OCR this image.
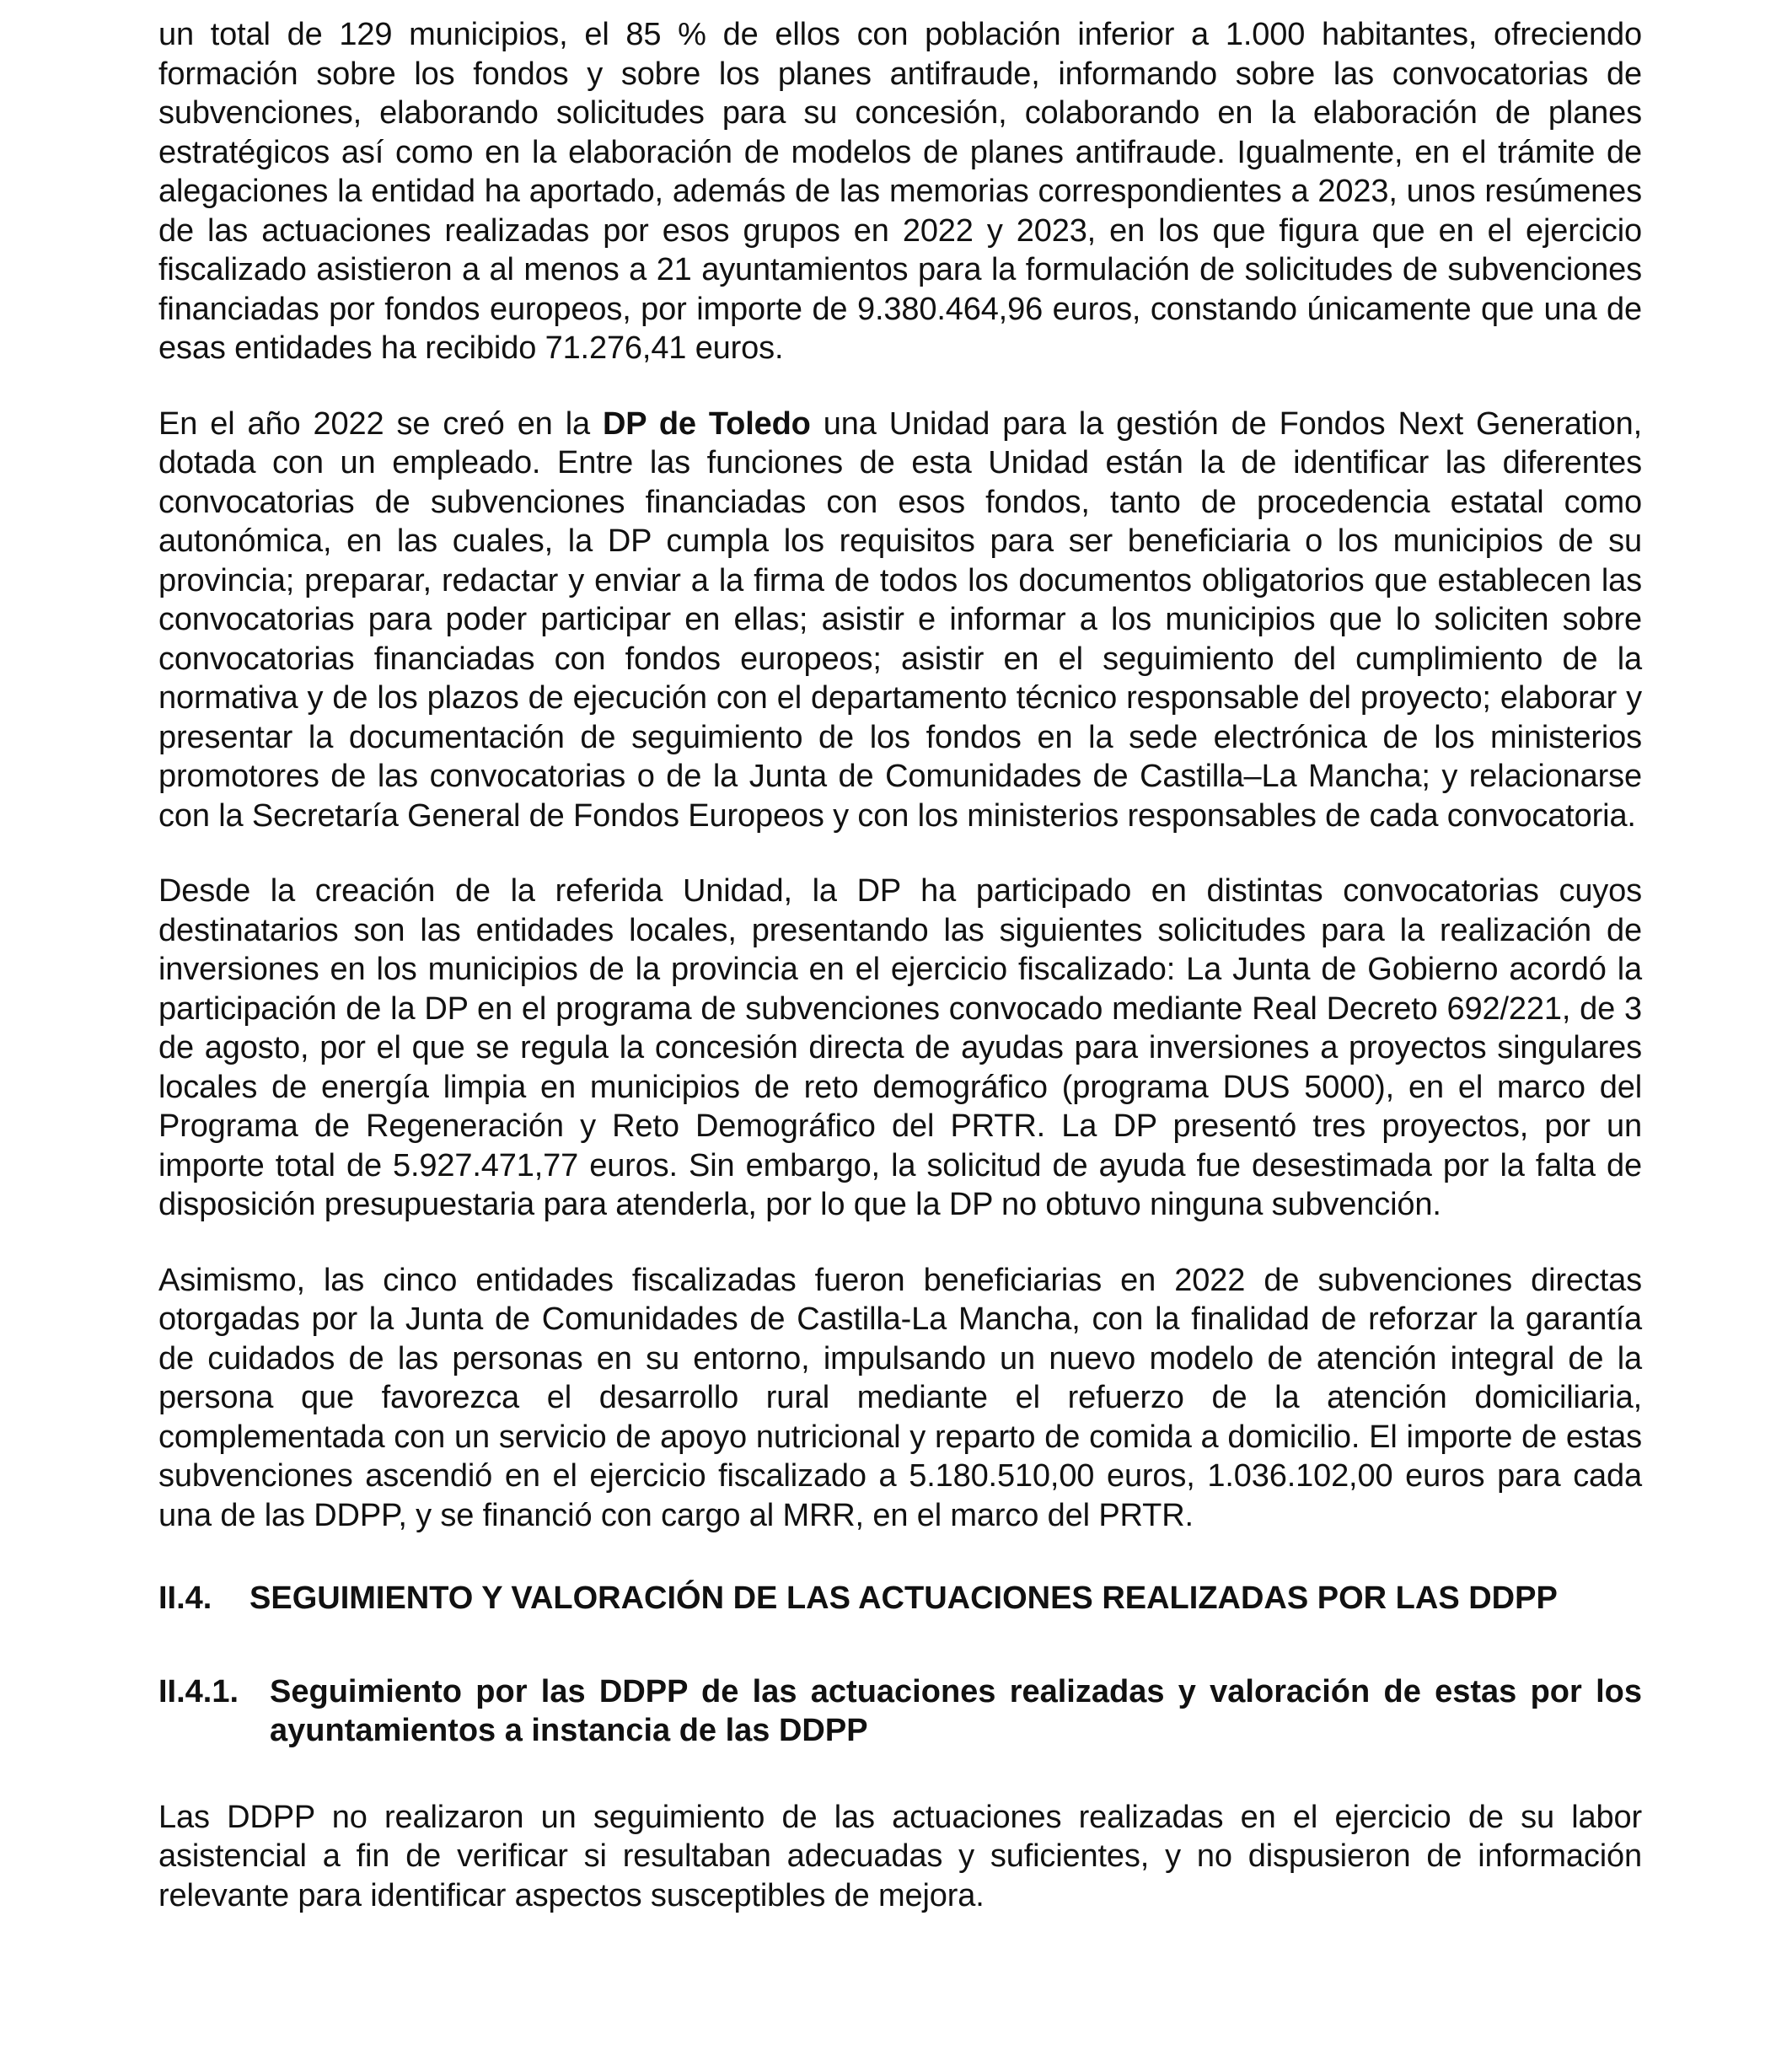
un total de 129 municipios, el 85 % de ellos con población inferior a 1.000 habitantes, ofreciendo formación sobre los fondos y sobre los planes antifraude, informando sobre las convocatorias de subvenciones, elaborando solicitudes para su concesión, colaborando en la elaboración de planes estratégicos así como en la elaboración de modelos de planes antifraude. Igualmente, en el trámite de alegaciones la entidad ha aportado, además de las memorias correspondientes a 2023, unos resúmenes de las actuaciones realizadas por esos grupos en 2022 y 2023, en los que figura que en el ejercicio fiscalizado asistieron a al menos a 21 ayuntamientos para la formulación de solicitudes de subvenciones financiadas por fondos europeos, por importe de 9.380.464,96 euros, constando únicamente que una de esas entidades ha recibido 71.276,41 euros.

En el año 2022 se creó en la DP de Toledo una Unidad para la gestión de Fondos Next Generation, dotada con un empleado. Entre las funciones de esta Unidad están la de identificar las diferentes convocatorias de subvenciones financiadas con esos fondos, tanto de procedencia estatal como autonómica, en las cuales, la DP cumpla los requisitos para ser beneficiaria o los municipios de su provincia; preparar, redactar y enviar a la firma de todos los documentos obligatorios que establecen las convocatorias para poder participar en ellas; asistir e informar a los municipios que lo soliciten sobre convocatorias financiadas con fondos europeos; asistir en el seguimiento del cumplimiento de la normativa y de los plazos de ejecución con el departamento técnico responsable del proyecto; elaborar y presentar la documentación de seguimiento de los fondos en la sede electrónica de los ministerios promotores de las convocatorias o de la Junta de Comunidades de Castilla–La Mancha; y relacionarse con la Secretaría General de Fondos Europeos y con los ministerios responsables de cada convocatoria.

Desde la creación de la referida Unidad, la DP ha participado en distintas convocatorias cuyos destinatarios son las entidades locales, presentando las siguientes solicitudes para la realización de inversiones en los municipios de la provincia en el ejercicio fiscalizado: La Junta de Gobierno acordó la participación de la DP en el programa de subvenciones convocado mediante Real Decreto 692/221, de 3 de agosto, por el que se regula la concesión directa de ayudas para inversiones a proyectos singulares locales de energía limpia en municipios de reto demográfico (programa DUS 5000), en el marco del Programa de Regeneración y Reto Demográfico del PRTR. La DP presentó tres proyectos, por un importe total de 5.927.471,77 euros. Sin embargo, la solicitud de ayuda fue desestimada por la falta de disposición presupuestaria para atenderla, por lo que la DP no obtuvo ninguna subvención.

Asimismo, las cinco entidades fiscalizadas fueron beneficiarias en 2022 de subvenciones directas otorgadas por la Junta de Comunidades de Castilla-La Mancha, con la finalidad de reforzar la garantía de cuidados de las personas en su entorno, impulsando un nuevo modelo de atención integral de la persona que favorezca el desarrollo rural mediante el refuerzo de la atención domiciliaria, complementada con un servicio de apoyo nutricional y reparto de comida a domicilio. El importe de estas subvenciones ascendió en el ejercicio fiscalizado a 5.180.510,00 euros, 1.036.102,00 euros para cada una de las DDPP, y se financió con cargo al MRR, en el marco del PRTR.

II.4.	SEGUIMIENTO Y VALORACIÓN DE LAS ACTUACIONES REALIZADAS POR LAS DDPP
II.4.1. Seguimiento por las DDPP de las actuaciones realizadas y valoración de estas por los ayuntamientos a instancia de las DDPP

Las DDPP no realizaron un seguimiento de las actuaciones realizadas en el ejercicio de su labor asistencial a fin de verificar si resultaban adecuadas y suficientes, y no dispusieron de información relevante para identificar aspectos susceptibles de mejora.
